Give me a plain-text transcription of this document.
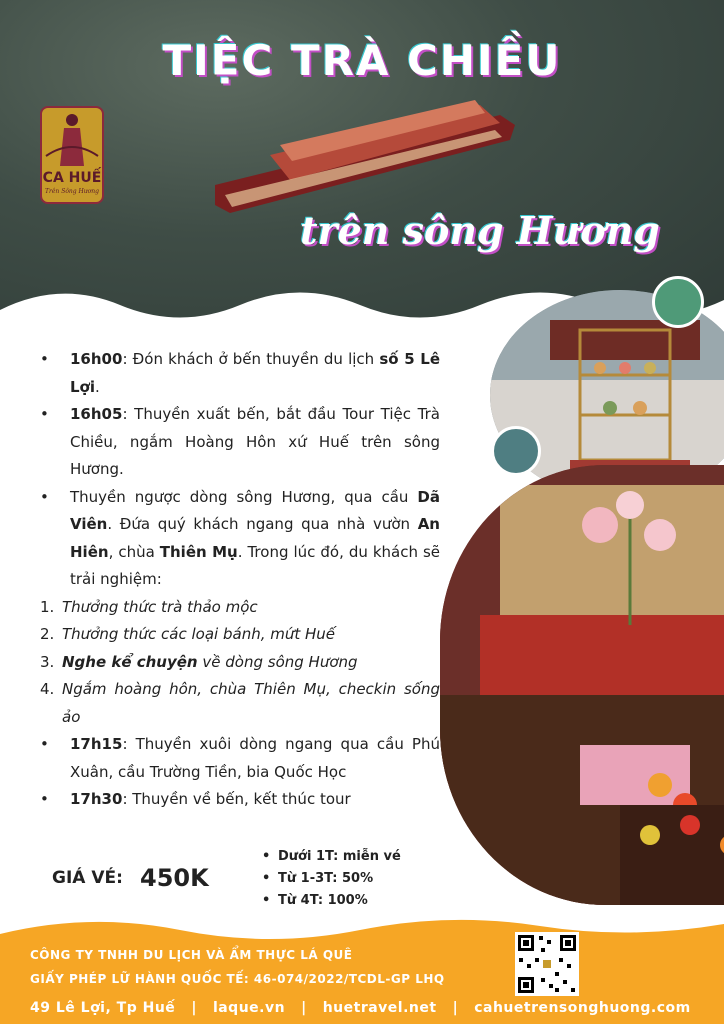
TIỆC TRÀ CHIỀU
trên sông Hương
CA HUẾ
Trên Sông Hương

• 16h00: Đón khách ở bến thuyền du lịch số 5 Lê Lợi.

• 16h05: Thuyền xuất bến, bắt đầu Tour Tiệc Trà Chiều, ngắm Hoàng Hôn xứ Huế trên sông Hương.

• Thuyền ngược dòng sông Hương, qua cầu Dã Viên. Đứa quý khách ngang qua nhà vườn An Hiên, chùa Thiên Mụ. Trong lúc đó, du khách sẽ trải nghiệm:

1. Thưởng thức trà thảo mộc

2. Thưởng thức các loại bánh, mứt Huế

3. Nghe kể chuyện về dòng sông Hương

4. Ngắm hoàng hôn, chùa Thiên Mụ, checkin sống ảo

• 17h15: Thuyền xuôi dòng ngang qua cầu Phú Xuân, cầu Trường Tiền, bia Quốc Học

• 17h30: Thuyền về bến, kết thúc tour

GIÁ VÉ: 450K
• Dưới 1T: miễn vé
• Từ 1-3T: 50%
• Từ 4T: 100%
CÔNG TY TNHH DU LỊCH VÀ ẨM THỰC LÁ QUÊ
GIẤY PHÉP LỮ HÀNH QUỐC TẾ: 46-074/2022/TCDL-GP LHQ
49 Lê Lợi, Tp Huế | laque.vn | huetravel.net | cahuetrensonghuong.com
